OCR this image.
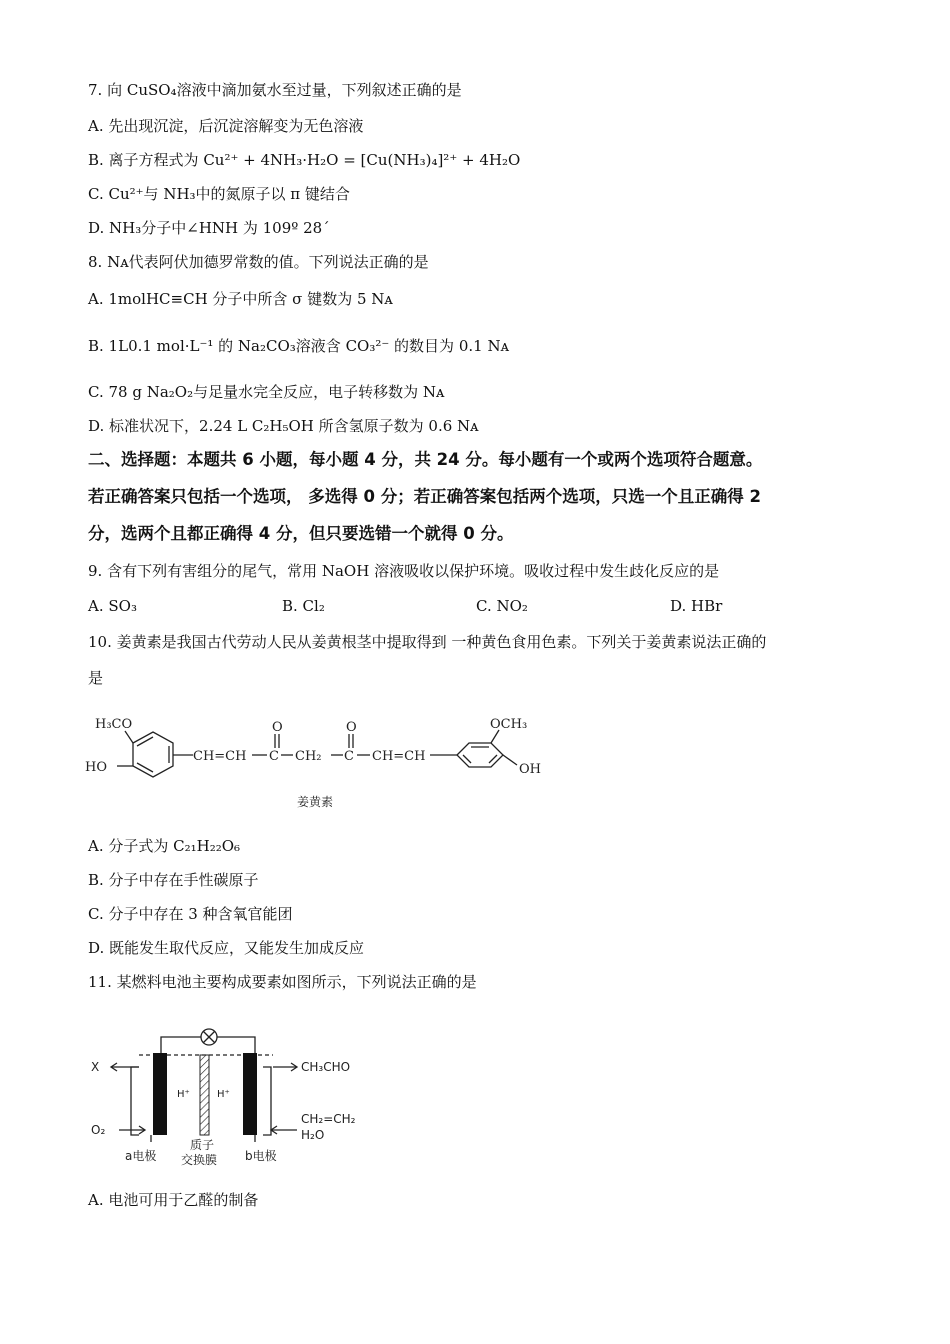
7. 向 CuSO₄溶液中滴加氨水至过量，下列叙述正确的是
A. 先出现沉淀，后沉淀溶解变为无色溶液
B. 离子方程式为 Cu²⁺ + 4NH₃·H₂O = [Cu(NH₃)₄]²⁺ + 4H₂O
C. Cu²⁺与 NH₃中的氮原子以 π 键结合
D. NH₃分子中∠HNH 为 109º 28ˊ
8. Nᴀ代表阿伏加德罗常数的值。下列说法正确的是
A. 1molHC≡CH 分子中所含 σ 键数为 5 Nᴀ
B. 1L0.1 mol·L⁻¹ 的 Na₂CO₃溶液含 CO₃²⁻ 的数目为 0.1 Nᴀ
C. 78 g Na₂O₂与足量水完全反应，电子转移数为 Nᴀ
D. 标准状况下，2.24 L C₂H₅OH 所含氢原子数为 0.6 Nᴀ
二、选择题：本题共 6 小题，每小题 4 分，共 24 分。每小题有一个或两个选项符合题意。
若正确答案只包括一个选项， 多选得 0 分；若正确答案包括两个选项，只选一个且正确得 2
分，选两个且都正确得 4 分，但只要选错一个就得 0 分。
9. 含有下列有害组分的尾气，常用 NaOH 溶液吸收以保护环境。吸收过程中发生歧化反应的是
A. SO₃	B. Cl₂	C. NO₂	D. HBr
10. 姜黄素是我国古代劳动人民从姜黄根茎中提取得到 一种黄色食用色素。下列关于姜黄素说法正确的
是
H₃CO
HO
CH=CH
O
C CH₂
O
C CH=CH
OCH₃
OH
姜黄素
A. 分子式为 C₂₁H₂₂O₆
B. 分子中存在手性碳原子
C. 分子中存在 3 种含氧官能团
D. 既能发生取代反应，又能发生加成反应
11. 某燃料电池主要构成要素如图所示，下列说法正确的是
X
O₂
H⁺	H⁺
CH₃CHO
CH₂=CH₂
H₂O
a电极
质子
交换膜 b电极
A. 电池可用于乙醛的制备
